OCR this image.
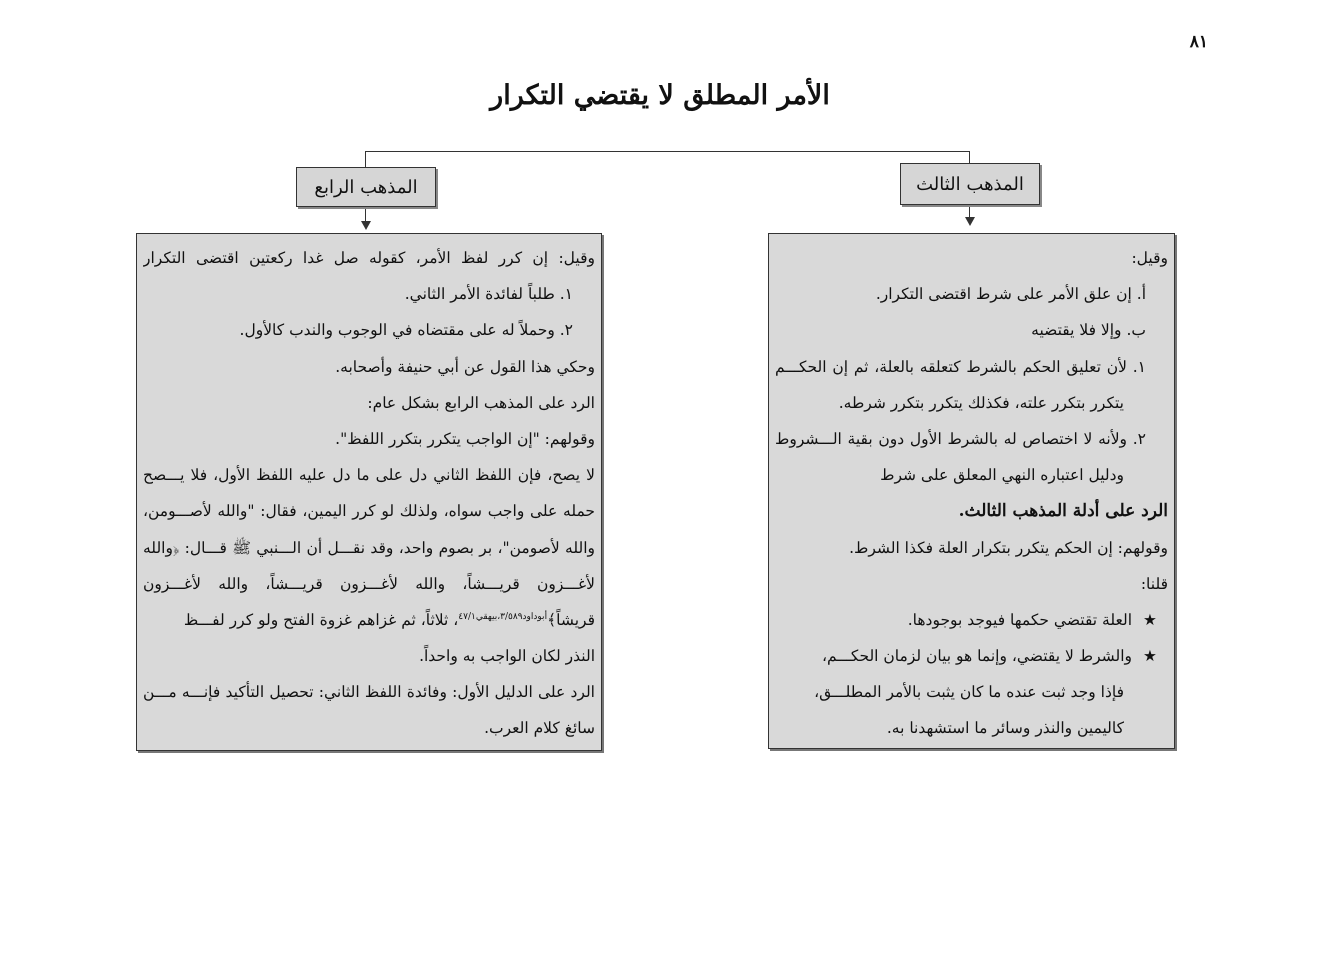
٨١
الأمر المطلق لا يقتضي التكرار
المذهب الرابع	المذهب الثالث
وقيل:
أ. إن علق الأمر على شرط اقتضى التكرار.
ب. وإلا فلا يقتضيه
١. لأن تعليق الحكم بالشرط كتعلقه بالعلة، ثم إن الحكـــم
يتكرر بتكرر علته، فكذلك يتكرر بتكرر شرطه.
٢. ولأنه لا اختصاص له بالشرط الأول دون بقية الـــشروط
ودليل اعتباره النهي المعلق على شرط
الرد على أدلة المذهب الثالث.
وقولهم: إن الحكم يتكرر بتكرار العلة فكذا الشرط.
قلنا:
★العلة تقتضي حكمها فيوجد بوجودها.
★والشرط لا يقتضي، وإنما هو بيان لزمان الحكـــم،
فإذا وجد ثبت عنده ما كان يثبت بالأمر المطلـــق،
كاليمين والنذر وسائر ما استشهدنا به.
وقيل: إن كرر لفظ الأمر، كقوله صل غدا ركعتين اقتضى التكرار
١. طلباً لفائدة الأمر الثاني.
٢. وحملاً له على مقتضاه في الوجوب والندب كالأول.
وحكي هذا القول عن أبي حنيفة وأصحابه.
الرد على المذهب الرابع بشكل عام:
وقولهم: "إن الواجب يتكرر بتكرر اللفظ".
لا يصح، فإن اللفظ الثاني دل على ما دل عليه اللفظ الأول، فلا يـــصح
حمله على واجب سواه، ولذلك لو كرر اليمين، فقال: "والله لأصـــومن،
والله لأصومن"، بر بصوم واحد، وقد نقـــل أن الـــنبي ﷺ قـــال: ﴿والله
لأغـــزون قريـــشاً، والله لأغـــزون قريـــشاً، والله لأغـــزون
قريشاً﴾$^{أبوداود٣/٥٨٩،بيهقي٤٧/١}$، ثلاثاً، ثم غزاهم غزوة الفتح ولو كرر لفـــظ
النذر لكان الواجب به واحداً.
الرد على الدليل الأول: وفائدة اللفظ الثاني: تحصيل التأكيد فإنـــه مـــن
سائغ كلام العرب.
